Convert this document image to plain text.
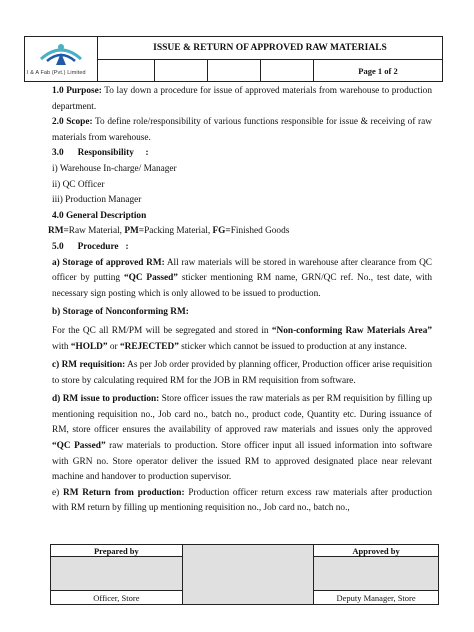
I & A Fab (Pvt.) Limited	ISSUE & RETURN OF APPROVED RAW MATERIALS				
					Page 1 of 2

1.0 Purpose: To lay down a procedure for issue of approved materials from warehouse to production department.

2.0 Scope: To define role/responsibility of various functions responsible for issue & receiving of raw materials from warehouse.

3.0      Responsibility     :

i) Warehouse In-charge/ Manager

ii) QC Officer

iii) Production Manager

4.0 General Description

RM=Raw Material, PM=Packing Material, FG=Finished Goods

5.0      Procedure   :

a) Storage of approved RM: All raw materials will be stored in warehouse after clearance from QC officer by putting “QC Passed” sticker mentioning RM name, GRN/QC ref. No., test date, with necessary sign posting which is only allowed to be issued to production.

b) Storage of Nonconforming RM:

For the QC all RM/PM will be segregated and stored in “Non-conforming Raw Materials Area” with “HOLD” or “REJECTED” sticker which cannot be issued to production at any instance.

c) RM requisition: As per Job order provided by planning officer, Production officer arise requisition to store by calculating required RM for the JOB in RM requisition from software.

d) RM issue to production: Store officer issues the raw materials as per RM requisition by filling up mentioning requisition no., Job card no., batch no., product code, Quantity etc. During issuance of RM, store officer ensures the availability of approved raw materials and issues only the approved “QC Passed” raw materials to production. Store officer input all issued information into software with GRN no. Store operator deliver the issued RM to approved designated place near relevant machine and handover to production supervisor.

e) RM Return from production: Production officer return excess raw materials after production with RM return by filling up mentioning requisition no., Job card no., batch no.,

Prepared by		Approved by

Officer, Store		Deputy Manager, Store
